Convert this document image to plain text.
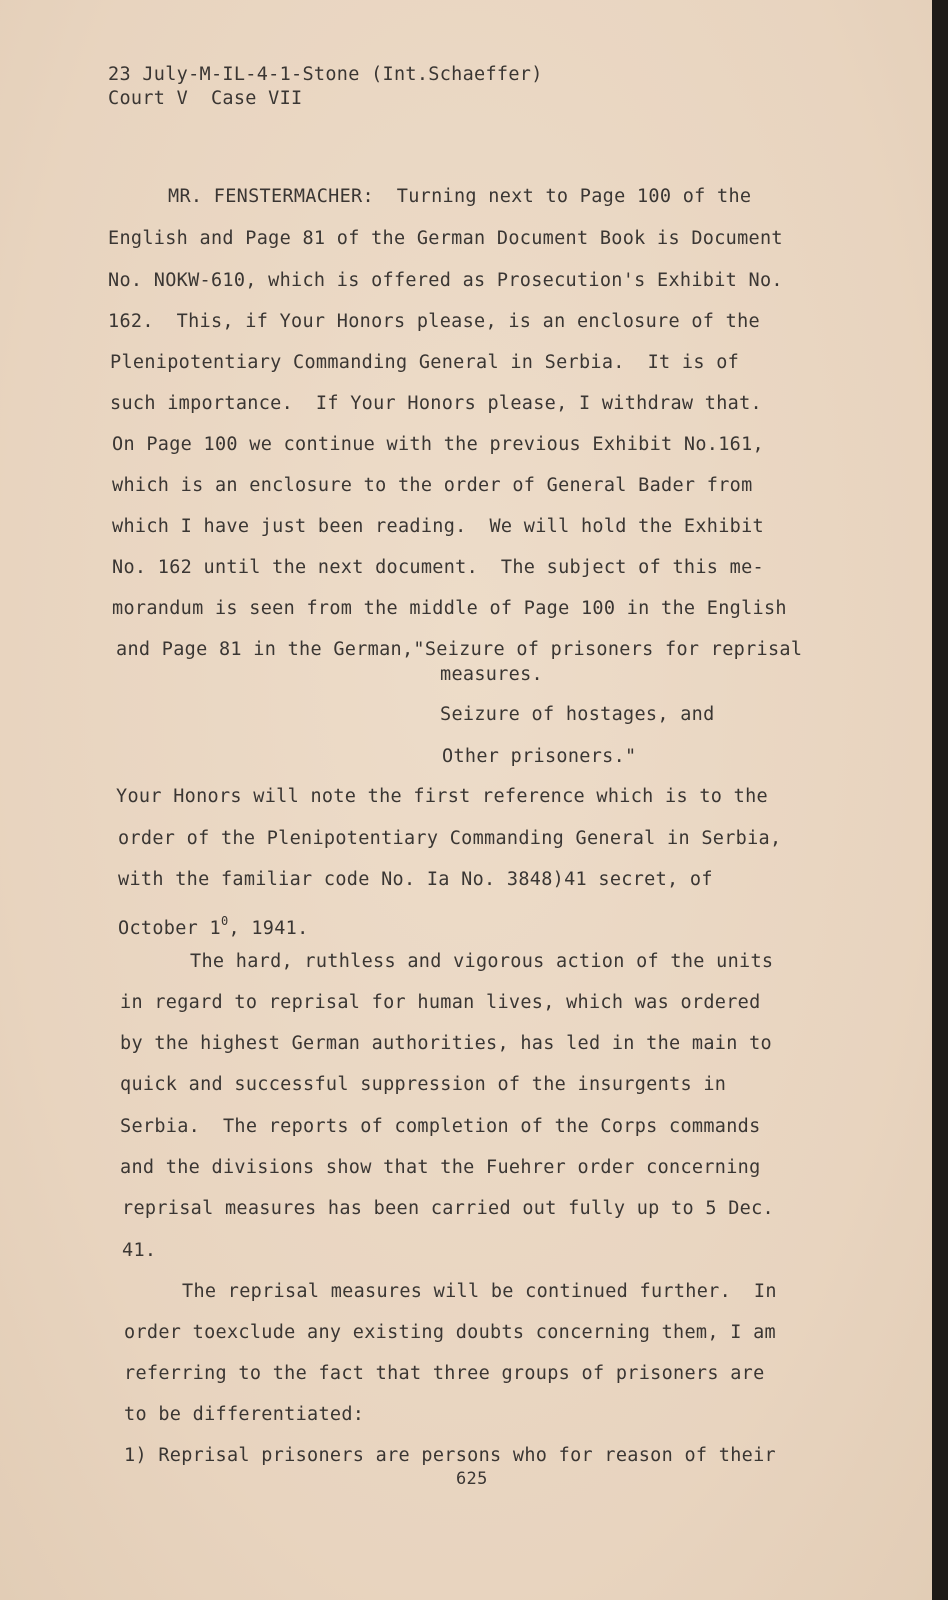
23 July-M-IL-4-1-Stone (Int.Schaeffer)
Court V  Case VII
MR. FENSTERMACHER:  Turning next to Page 100 of the
English and Page 81 of the German Document Book is Document
No. NOKW-610, which is offered as Prosecution's Exhibit No.
162.  This, if Your Honors please, is an enclosure of the
Plenipotentiary Commanding General in Serbia.  It is of
such importance.  If Your Honors please, I withdraw that.
On Page 100 we continue with the previous Exhibit No.161,
which is an enclosure to the order of General Bader from
which I have just been reading.  We will hold the Exhibit
No. 162 until the next document.  The subject of this me-
morandum is seen from the middle of Page 100 in the English
and Page 81 in the German,"Seizure of prisoners for reprisal
measures.
Seizure of hostages, and
Other prisoners."
Your Honors will note the first reference which is to the
order of the Plenipotentiary Commanding General in Serbia,
with the familiar code No. Ia No. 3848)41 secret, of
October $1^0$, 1941.
The hard, ruthless and vigorous action of the units
in regard to reprisal for human lives, which was ordered
by the highest German authorities, has led in the main to
quick and successful suppression of the insurgents in
Serbia.  The reports of completion of the Corps commands
and the divisions show that the Fuehrer order concerning
reprisal measures has been carried out fully up to 5 Dec.
41.
The reprisal measures will be continued further.  In
order toexclude any existing doubts concerning them, I am
referring to the fact that three groups of prisoners are
to be differentiated:
1) Reprisal prisoners are persons who for reason of their
625
